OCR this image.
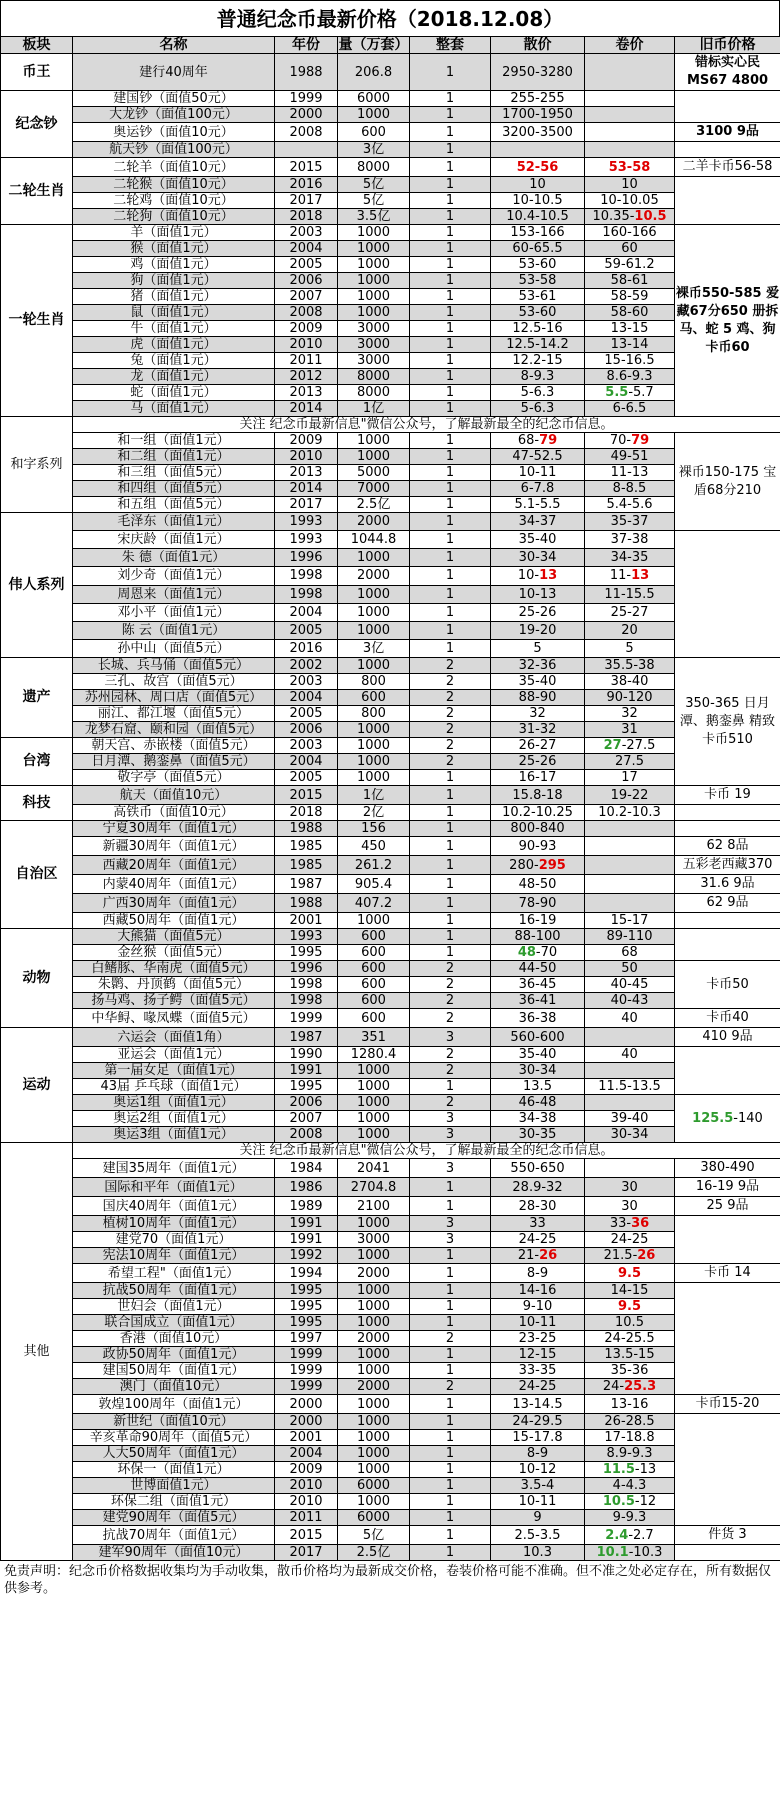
普通纪念币最新价格（2018.12.08）
板块	名称	年份	量（万套）	整套	散价	卷价	旧币价格	
币王	建行40周年	1988	206.8	1	2950-3280		错标实心民MS67 4800	
纪念钞	建国钞（面值50元）	1999	6000	1	255-255			
	大龙钞（面值100元）	2000	1000	1	1700-1950			
	奥运钞（面值10元）	2008	600	1	3200-3500		3100 9品	
	航天钞（面值100元）		3亿	1				
二轮生肖	二轮羊（面值10元）	2015	8000	1	52-56	53-58	二羊卡币56-58	
	二轮猴（面值10元）	2016	5亿	1	10	10		
	二轮鸡（面值10元）	2017	5亿	1	10-10.5	10-10.05		
	二轮狗（面值10元）	2018	3.5亿	1	10.4-10.5	10.35-10.5		
一轮生肖	羊（面值1元）	2003	1000	1	153-166	160-166	裸币550-585 爱藏67分650 册拆马、蛇 5 鸡、狗卡币60	
	猴（面值1元）	2004	1000	1	60-65.5	60		
	鸡（面值1元）	2005	1000	1	53-60	59-61.2		
	狗（面值1元）	2006	1000	1	53-58	58-61		
	猪（面值1元）	2007	1000	1	53-61	58-59		
	鼠（面值1元）	2008	1000	1	53-60	58-60		
	牛（面值1元）	2009	3000	1	12.5-16	13-15		
	虎（面值1元）	2010	3000	1	12.5-14.2	13-14		
	兔（面值1元）	2011	3000	1	12.2-15	15-16.5		
	龙（面值1元）	2012	8000	1	8-9.3	8.6-9.3		
	蛇（面值1元）	2013	8000	1	5-6.3	5.5-5.7		
	马（面值1元）	2014	1亿	1	5-6.3	6-6.5		
和字系列	关注 纪念币最新信息"微信公众号，了解最新最全的纪念币信息。							
	和一组（面值1元）	2009	1000	1	68-79	70-79	裸币150-175 宝盾68分210	
	和二组（面值1元）	2010	1000	1	47-52.5	49-51		
	和三组（面值5元）	2013	5000	1	10-11	11-13		
	和四组（面值5元）	2014	7000	1	6-7.8	8-8.5		
	和五组（面值5元）	2017	2.5亿	1	5.1-5.5	5.4-5.6		
伟人系列	毛泽东（面值1元）	1993	2000	1	34-37	35-37	
	宋庆龄（面值1元）	1993	1044.8	1	35-40	37-38		
	朱 德（面值1元）	1996	1000	1	30-34	34-35		
	刘少奇（面值1元）	1998	2000	1	10-13	11-13		
	周恩来（面值1元）	1998	1000	1	10-13	11-15.5		
	邓小平（面值1元）	2004	1000	1	25-26	25-27		
	陈 云（面值1元）	2005	1000	1	19-20	20		
	孙中山（面值5元）	2016	3亿	1	5	5		
遗产	长城、兵马俑（面值5元）	2002	1000	2	32-36	35.5-38	350-365 日月潭、鹅銮鼻 精致卡币510	
	三孔、故宫（面值5元）	2003	800	2	35-40	38-40		
	苏州园林、周口店（面值5元）	2004	600	2	88-90	90-120		
	丽江、都江堰（面值5元）	2005	800	2	32	32		
	龙梦石窟、颐和园（面值5元）	2006	1000	2	31-32	31		
台湾	朝天宫、赤嵌楼（面值5元）	2003	1000	2	26-27	27-27.5		
	日月潭、鹅銮鼻（面值5元）	2004	1000	2	25-26	27.5		
	敬字亭（面值5元）	2005	1000	1	16-17	17		
科技	航天（面值10元）	2015	1亿	1	15.8-18	19-22	卡币 19	
	高铁币（面值10元）	2018	2亿	1	10.2-10.25	10.2-10.3		
自治区	宁夏30周年（面值1元）	1988	156	1	800-840			
	新疆30周年（面值1元）	1985	450	1	90-93		62 8品	
	西藏20周年（面值1元）	1985	261.2	1	280-295		五彩老西藏370	
	内蒙40周年（面值1元）	1987	905.4	1	48-50		31.6 9品	
	广西30周年（面值1元）	1988	407.2	1	78-90		62 9品	
	西藏50周年（面值1元）	2001	1000	1	16-19	15-17		
动物	大熊猫（面值5元）	1993	600	1	88-100	89-110		
	金丝猴（面值5元）	1995	600	1	48-70	68		
	白鳍豚、华南虎（面值5元）	1996	600	2	44-50	50	卡币50	
	朱鹮、丹顶鹤（面值5元）	1998	600	2	36-45	40-45		
	扬马鸡、扬子鳄（面值5元）	1998	600	2	36-41	40-43		
	中华鲟、喙凤蝶（面值5元）	1999	600	2	36-38	40	卡币40	
运动	六运会（面值1角）	1987	351	3	560-600		410 9品	
	亚运会（面值1元）	1990	1280.4	2	35-40	40		
	第一届女足（面值1元）	1991	1000	2	30-34			
	43届 乒乓球（面值1元）	1995	1000	1	13.5	11.5-13.5		
	奥运1组（面值1元）	2006	1000	2	46-48		125.5-140	
	奥运2组（面值1元）	2007	1000	3	34-38	39-40		
	奥运3组（面值1元）	2008	1000	3	30-35	30-34		
其他	关注 纪念币最新信息"微信公众号，了解最新最全的纪念币信息。							
	建国35周年（面值1元）	1984	2041	3	550-650		380-490	
	国际和平年（面值1元）	1986	2704.8	1	28.9-32	30	16-19 9品	
	国庆40周年（面值1元）	1989	2100	1	28-30	30	25 9品	
	植树10周年（面值1元）	1991	1000	3	33	33-36		
	建党70（面值1元）	1991	3000	3	24-25	24-25		
	宪法10周年（面值1元）	1992	1000	1	21-26	21.5-26		
	希望工程"（面值1元）	1994	2000	1	8-9	9.5	卡币 14	
	抗战50周年（面值1元）	1995	1000	1	14-16	14-15		
	世妇会（面值1元）	1995	1000	1	9-10	9.5		
	联合国成立（面值1元）	1995	1000	1	10-11	10.5		
	香港（面值10元）	1997	2000	2	23-25	24-25.5		
	政协50周年（面值1元）	1999	1000	1	12-15	13.5-15		
	建国50周年（面值1元）	1999	1000	1	33-35	35-36		
	澳门（面值10元）	1999	2000	2	24-25	24-25.3		
	敦煌100周年（面值1元）	2000	1000	1	13-14.5	13-16	卡币15-20	
	新世纪（面值10元）	2000	1000	1	24-29.5	26-28.5		
	辛亥革命90周年（面值5元）	2001	1000	1	15-17.8	17-18.8		
	人大50周年（面值1元）	2004	1000	1	8-9	8.9-9.3		
	环保一（面值1元）	2009	1000	1	10-12	11.5-13		
	世博面值1元）	2010	6000	1	3.5-4	4-4.3		
	环保二组（面值1元）	2010	1000	1	10-11	10.5-12		
	建党90周年（面值5元）	2011	6000	1	9	9-9.3		
	抗战70周年（面值1元）	2015	5亿	1	2.5-3.5	2.4-2.7	件货 3	
	建军90周年（面值10元）	2017	2.5亿	1	10.3	10.1-10.3		
免责声明：纪念币价格数据收集均为手动收集，散币价格均为最新成交价格，卷装价格可能不准确。但不准之处必定存在，所有数据仅供参考。
